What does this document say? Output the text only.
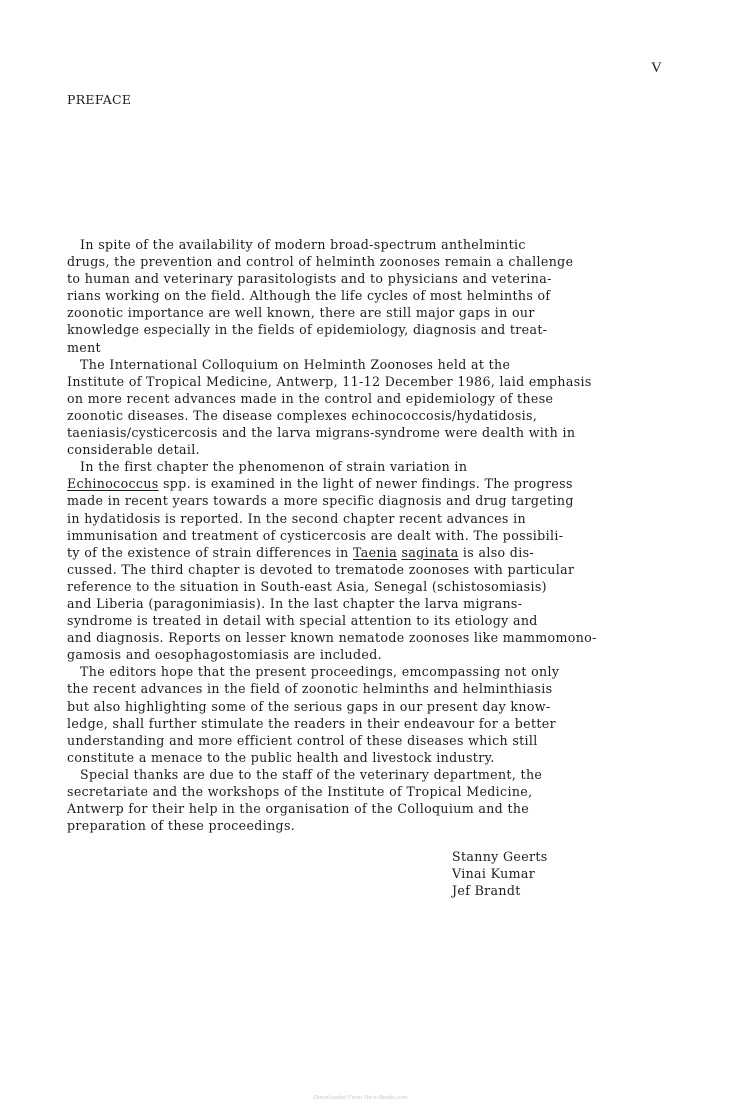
V
PREFACE
In spite of the availability of modern broad-spectrum anthelmintic
drugs, the prevention and control of helminth zoonoses remain a challenge
to human and veterinary parasitologists and to physicians and veterina-
rians working on the field. Although the life cycles of most helminths of
zoonotic importance are well known, there are still major gaps in our
knowledge especially in the fields of epidemiology, diagnosis and treat-
ment
The International Colloquium on Helminth Zoonoses held at the
Institute of Tropical Medicine, Antwerp, 11-12 December 1986, laid emphasis
on more recent advances made in the control and epidemiology of these
zoonotic diseases. The disease complexes echinococcosis/hydatidosis,
taeniasis/cysticercosis and the larva migrans-syndrome were dealth with in
considerable detail.
In the first chapter the phenomenon of strain variation in
Echinococcus spp. is examined in the light of newer findings. The progress
made in recent years towards a more specific diagnosis and drug targeting
in hydatidosis is reported. In the second chapter recent advances in
immunisation and treatment of cysticercosis are dealt with. The possibili-
ty of the existence of strain differences in Taenia saginata is also dis-
cussed. The third chapter is devoted to trematode zoonoses with particular
reference to the situation in South-east Asia, Senegal (schistosomiasis)
and Liberia (paragonimiasis). In the last chapter the larva migrans-
syndrome is treated in detail with special attention to its etiology and
and diagnosis. Reports on lesser known nematode zoonoses like mammomono-
gamosis and oesophagostomiasis are included.
The editors hope that the present proceedings, emcompassing not only
the recent advances in the field of zoonotic helminths and helminthiasis
but also highlighting some of the serious gaps in our present day know-
ledge, shall further stimulate the readers in their endeavour for a better
understanding and more efficient control of these diseases which still
constitute a menace to the public health and livestock industry.
Special thanks are due to the staff of the veterinary department, the
secretariate and the workshops of the Institute of Tropical Medicine,
Antwerp for their help in the organisation of the Colloquium and the
preparation of these proceedings.
Stanny Geerts
Vinai Kumar
Jef Brandt
Downloaded From Vet-e-Books.com
